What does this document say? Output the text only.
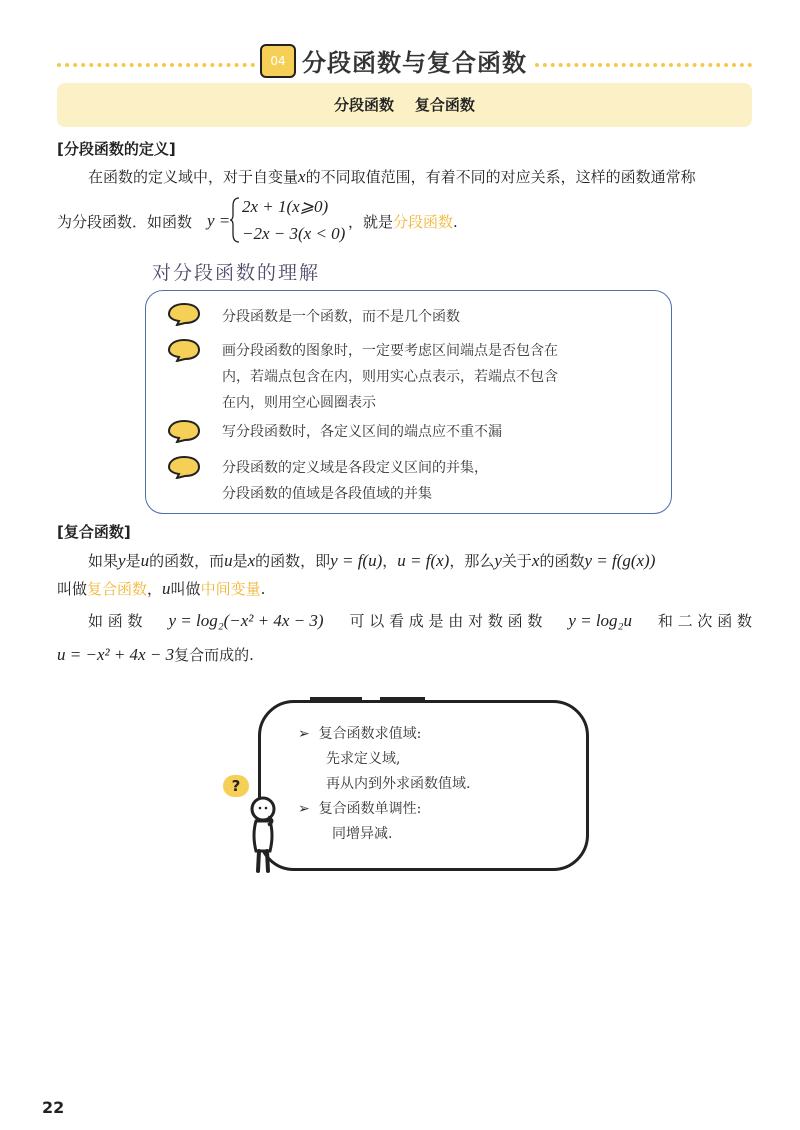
04 分段函数与复合函数
分段函数    复合函数
[分段函数的定义]
在函数的定义域中，对于自变量x的不同取值范围，有着不同的对应关系，这样的函数通常称
为分段函数．如函数 y =
2x + 1(x⩾0)
−2x − 3(x < 0)
，就是分段函数.
对分段函数的理解
分段函数是一个函数，而不是几个函数
画分段函数的图象时，一定要考虑区间端点是否包含在
内，若端点包含在内，则用实心点表示，若端点不包含
在内，则用空心圆圈表示
写分段函数时，各定义区间的端点应不重不漏
分段函数的定义域是各段定义区间的并集，
分段函数的值域是各段值域的并集
[复合函数]
如果y是u的函数，而u是x的函数，即y = f(u)，u = f(x)，那么y关于x的函数y = f(g(x))
叫做复合函数，u叫做中间变量.
如 函 数 y = log₂(−x² + 4x − 3) 可 以 看 成 是 由 对 数 函 数 y = log₂u 和 二 次 函 数
u = −x² + 4x − 3复合而成的.
➢  复合函数求值域:
先求定义域,
再从内到外求函数值域.
➢  复合函数单调性:
同增异减.
?
22
